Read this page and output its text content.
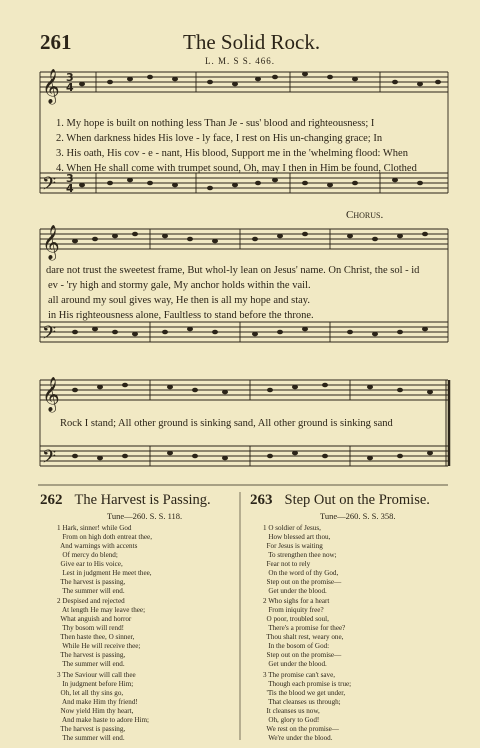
261	The Solid Rock.
L. M. S S. 466.
𝄞
𝄢
𝄞
𝄢
𝄞
𝄢
3
4
3
4
1. My hope is built on nothing less Than Je - sus' blood and righteousness; I
2. When darkness hides His love - ly face, I rest on His un-changing grace; In
3. His oath, His cov - e - nant, His blood, Support me in the 'whelming flood: When
4. When He shall come with trumpet sound, Oh, may I then in Him be found, Clothed
Chorus.
dare not trust the sweetest frame, But whol-ly lean on Jesus' name. On Christ, the sol - id
ev - 'ry high and stormy gale, My anchor holds within the vail.
all around my soul gives way, He then is all my hope and stay.
in His righteousness alone, Faultless to stand before the throne.
Rock I stand; All other ground is sinking sand, All other ground is sinking sand
262 The Harvest is Passing.
Tune—260. S. S. 118.
1 Hark, sinner! while God
From on high doth entreat thee,
And warnings with accents
Of mercy do blend;
Give ear to His voice,
Lest in judgment He meet thee,
The harvest is passing,
The summer will end.
2 Despised and rejected
At length He may leave thee;
What anguish and horror
Thy bosom will rend!
Then haste thee, O sinner,
While He will receive thee;
The harvest is passing,
The summer will end.
3 The Saviour will call thee
In judgment before Him;
Oh, let all thy sins go,
And make Him thy friend!
Now yield Him thy heart,
And make haste to adore Him;
The harvest is passing,
The summer will end.
263 Step Out on the Promise.
Tune—260. S. S. 358.
1 O soldier of Jesus,
How blessed art thou,
For Jesus is waiting
To strengthen thee now;
Fear not to rely
On the word of thy God,
Step out on the promise—
Get under the blood.
2 Who sighs for a heart
From iniquity free?
O poor, troubled soul,
There's a promise for thee?
Thou shalt rest, weary one,
In the bosom of God:
Step out on the promise—
Get under the blood.
3 The promise can't save,
Though each promise is true;
'Tis the blood we get under,
That cleanses us through;
It cleanses us now,
Oh, glory to God!
We rest on the promise—
We're under the blood.
